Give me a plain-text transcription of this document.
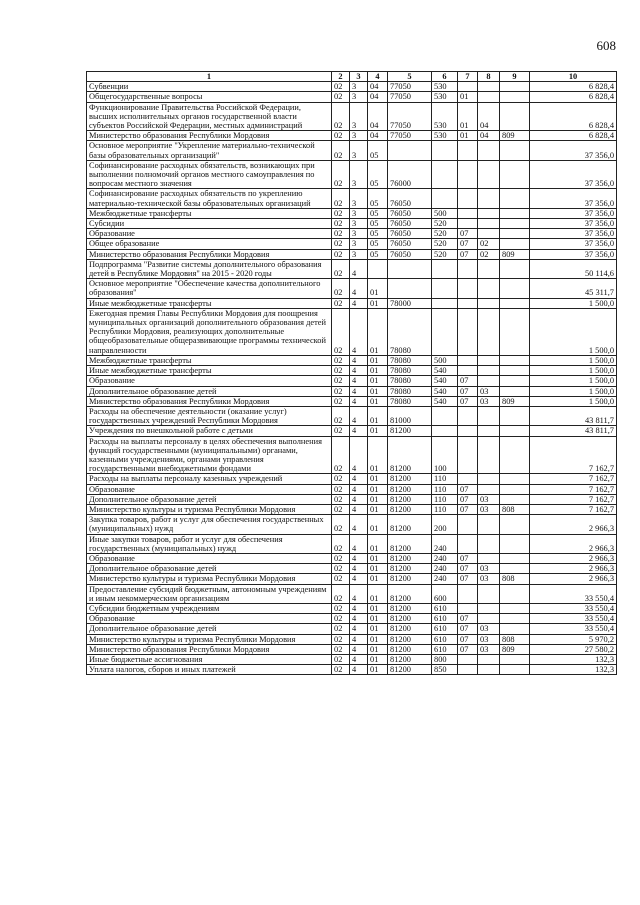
608
1	2	3	4	5	6	7	8	9	10
Субвенции	02	3	04	77050	530				6 828,4
Общегосударственные вопросы	02	3	04	77050	530	01			6 828,4
Функционирование Правительства Российской Федерации, высших исполнительных органов государственной власти субъектов Российской Федерации, местных администраций	02	3	04	77050	530	01	04		6 828,4
Министерство образования Республики Мордовия	02	3	04	77050	530	01	04	809	6 828,4
Основное мероприятие "Укрепление материально-технической базы образовательных организаций"	02	3	05						37 356,0
Софинансирование расходных обязательств, возникающих при выполнении полномочий органов местного самоуправления по вопросам местного значения	02	3	05	76000					37 356,0
Софинансирование расходных обязательств по укреплению материально-технической базы образовательных организаций	02	3	05	76050					37 356,0
Межбюджетные трансферты	02	3	05	76050	500				37 356,0
Субсидии	02	3	05	76050	520				37 356,0
Образование	02	3	05	76050	520	07			37 356,0
Общее образование	02	3	05	76050	520	07	02		37 356,0
Министерство образования Республики Мордовия	02	3	05	76050	520	07	02	809	37 356,0
Подпрограмма "Развитие системы дополнительного образования детей в Республике Мордовия" на 2015 - 2020 годы	02	4							50 114,6
Основное мероприятие "Обеспечение качества дополнительного образования"	02	4	01						45 311,7
Иные межбюджетные трансферты	02	4	01	78000					1 500,0
Ежегодная премия Главы Республики Мордовия для поощрения муниципальных организаций дополнительного образования детей Республики Мордовия, реализующих дополнительные общеобразовательные общеразвивающие программы технической направленности	02	4	01	78080					1 500,0
Межбюджетные трансферты	02	4	01	78080	500				1 500,0
Иные межбюджетные трансферты	02	4	01	78080	540				1 500,0
Образование	02	4	01	78080	540	07			1 500,0
Дополнительное образование детей	02	4	01	78080	540	07	03		1 500,0
Министерство образования Республики Мордовия	02	4	01	78080	540	07	03	809	1 500,0
Расходы на обеспечение деятельности (оказание услуг) государственных учреждений Республики Мордовия	02	4	01	81000					43 811,7
Учреждения по внешкольной работе с детьми	02	4	01	81200					43 811,7
Расходы на выплаты персоналу в целях обеспечения выполнения функций государственными (муниципальными) органами, казенными учреждениями, органами управления государственными внебюджетными фондами	02	4	01	81200	100				7 162,7
Расходы на выплаты персоналу казенных учреждений	02	4	01	81200	110				7 162,7
Образование	02	4	01	81200	110	07			7 162,7
Дополнительное образование детей	02	4	01	81200	110	07	03		7 162,7
Министерство культуры и туризма Республики Мордовия	02	4	01	81200	110	07	03	808	7 162,7
Закупка товаров, работ и услуг для обеспечения государственных (муниципальных) нужд	02	4	01	81200	200				2 966,3
Иные закупки товаров, работ и услуг для обеспечения государственных (муниципальных) нужд	02	4	01	81200	240				2 966,3
Образование	02	4	01	81200	240	07			2 966,3
Дополнительное образование детей	02	4	01	81200	240	07	03		2 966,3
Министерство культуры и туризма Республики Мордовия	02	4	01	81200	240	07	03	808	2 966,3
Предоставление субсидий бюджетным, автономным учреждениям и иным некоммерческим организациям	02	4	01	81200	600				33 550,4
Субсидии бюджетным учреждениям	02	4	01	81200	610				33 550,4
Образование	02	4	01	81200	610	07			33 550,4
Дополнительное образование детей	02	4	01	81200	610	07	03		33 550,4
Министерство культуры и туризма Республики Мордовия	02	4	01	81200	610	07	03	808	5 970,2
Министерство образования Республики Мордовия	02	4	01	81200	610	07	03	809	27 580,2
Иные бюджетные ассигнования	02	4	01	81200	800				132,3
Уплата налогов, сборов и иных платежей	02	4	01	81200	850				132,3
